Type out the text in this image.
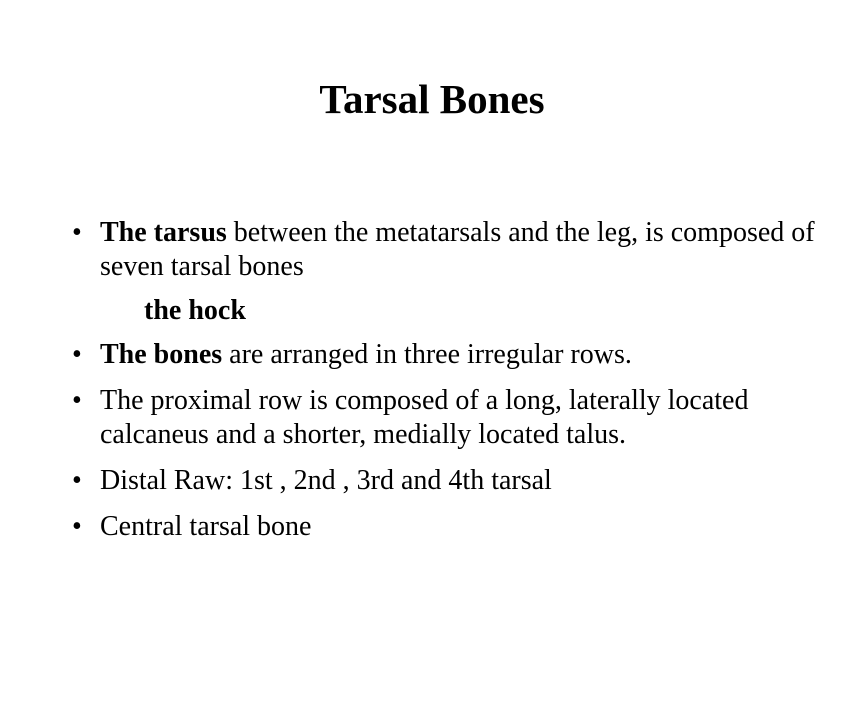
Tarsal Bones
• The tarsus between the metatarsals and the leg, is composed of seven tarsal bones
the hock
• The bones are arranged in three irregular rows.
• The proximal row is composed of a long, laterally located calcaneus and a shorter, medially located talus.
• Distal Raw: 1st , 2nd , 3rd and 4th tarsal
• Central tarsal bone
